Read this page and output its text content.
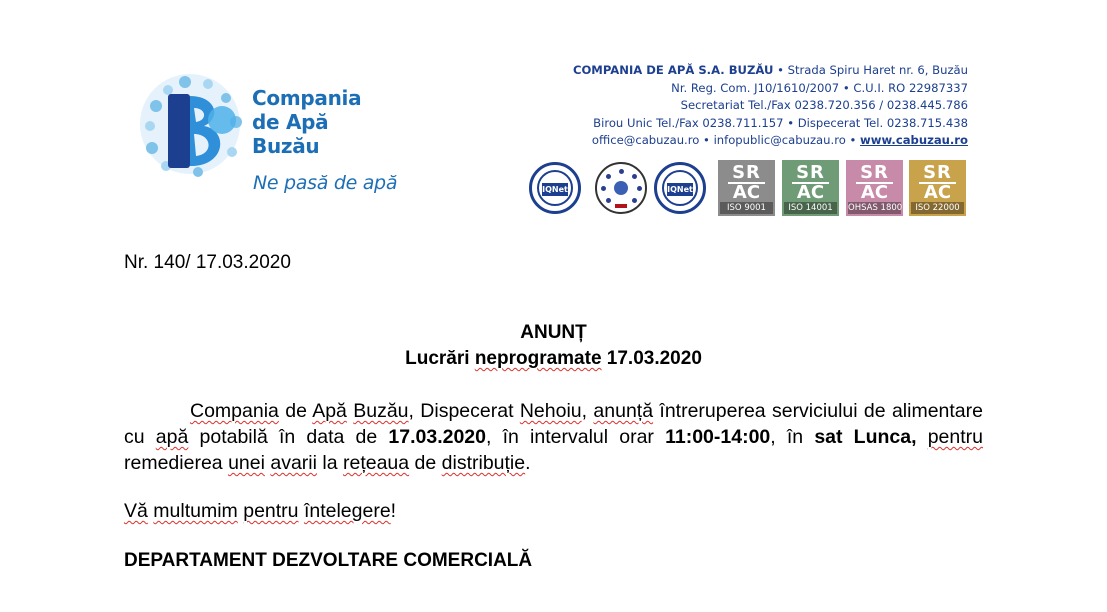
Compania
de Apă
Buzău
Ne pasă de apă
COMPANIA DE APĂ S.A. BUZĂU • Strada Spiru Haret nr. 6, Buzău
Nr. Reg. Com. J10/1610/2007 • C.U.I. RO 22987337
Secretariat Tel./Fax 0238.720.356 / 0238.445.786
Birou Unic Tel./Fax 0238.711.157 • Dispecerat Tel. 0238.715.438
office@cabuzau.ro • infopublic@cabuzau.ro • www.cabuzau.ro
IQNet	IQNet
SR
AC
ISO 9001
SR
AC
ISO 14001
SR
AC
OHSAS 18001
SR
AC
ISO 22000
Nr. 140/ 17.03.2020
ANUNȚ
Lucrări neprogramate 17.03.2020
Compania de Apă Buzău, Dispecerat Nehoiu, anunță întreruperea serviciului de alimentare cu apă potabilă în data de 17.03.2020, în intervalul orar 11:00-14:00, în sat Lunca, pentru remedierea unei avarii la rețeaua de distribuție.
Vă multumim pentru întelegere!
DEPARTAMENT DEZVOLTARE COMERCIALĂ
